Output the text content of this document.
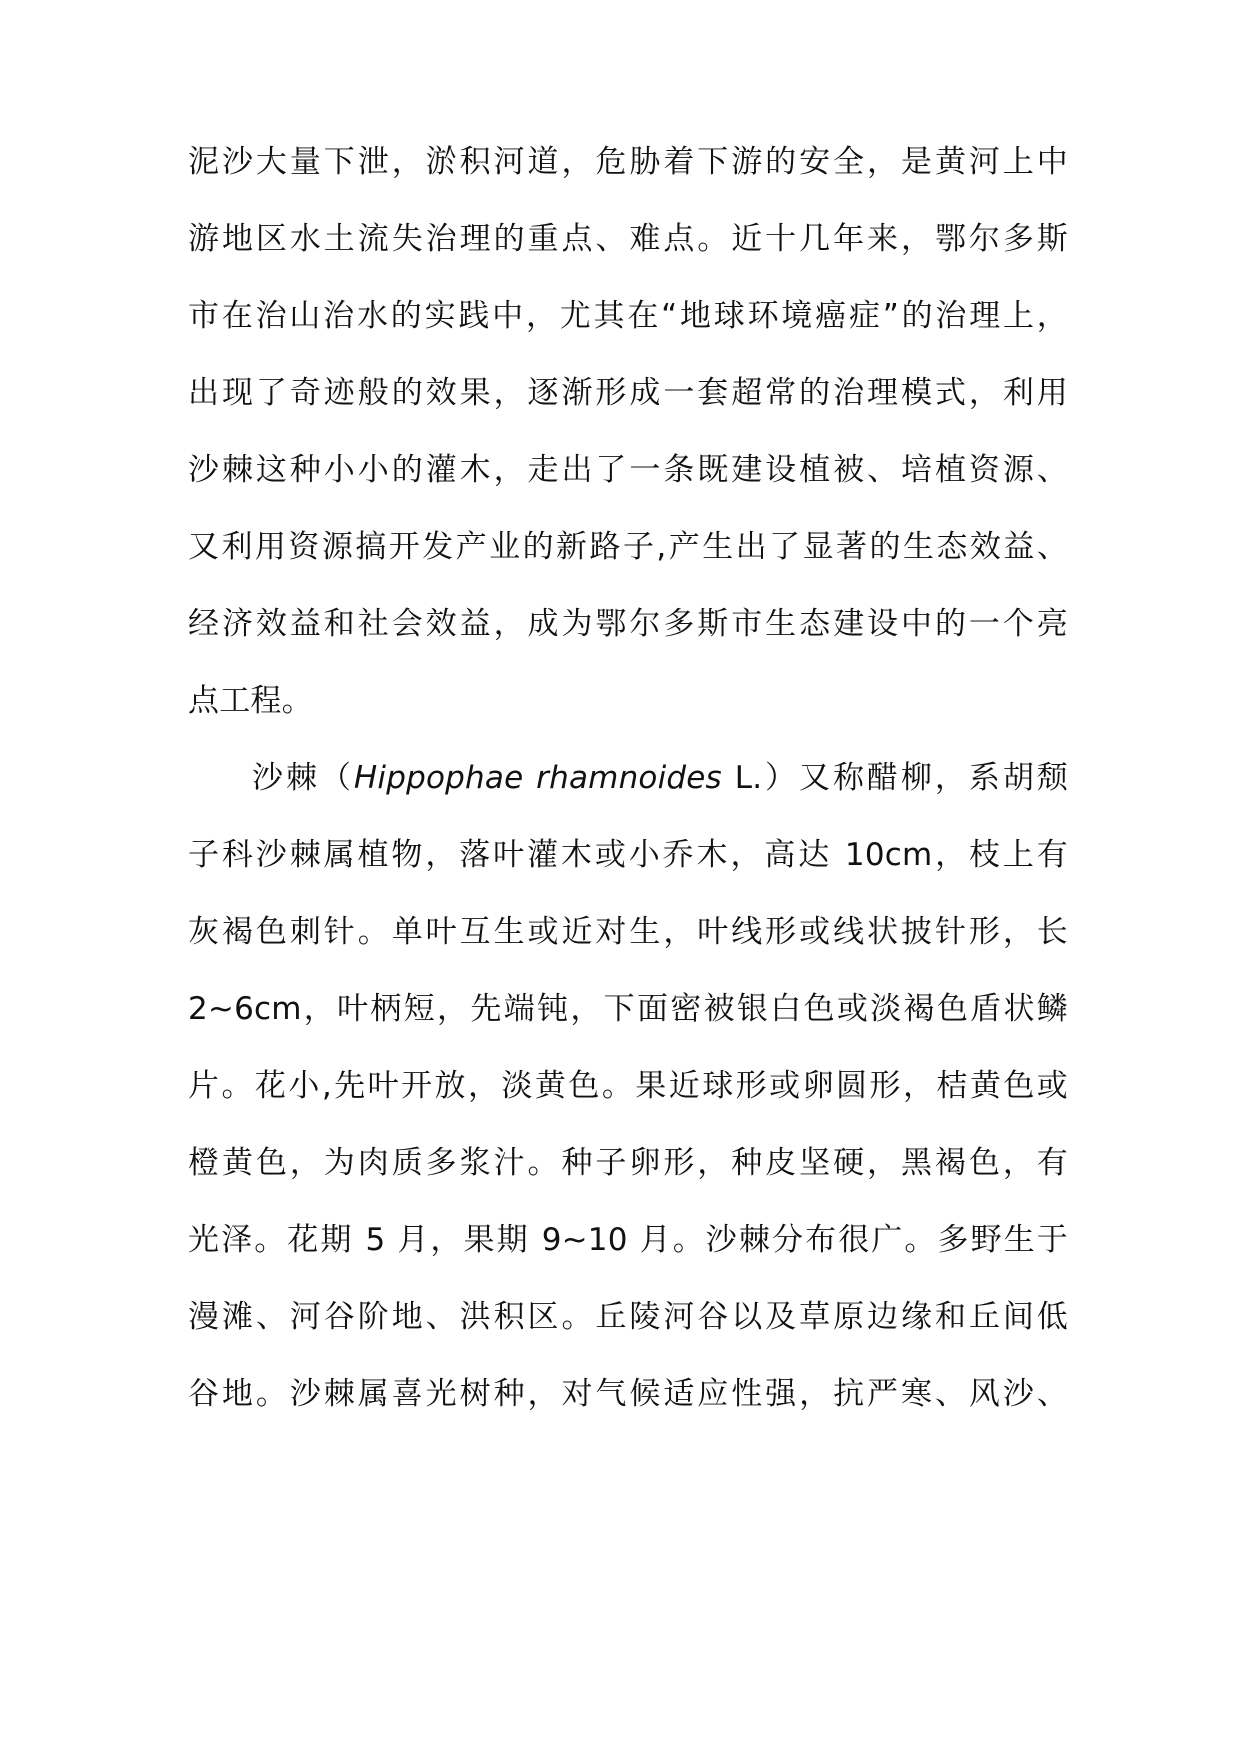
泥沙大量下泄，淤积河道，危胁着下游的安全，是黄河上中
游地区水土流失治理的重点、难点。近十几年来，鄂尔多斯
市在治山治水的实践中，尤其在“地球环境癌症”的治理上，
出现了奇迹般的效果，逐渐形成一套超常的治理模式，利用
沙棘这种小小的灌木，走出了一条既建设植被、培植资源、
又利用资源搞开发产业的新路子,产生出了显著的生态效益、
经济效益和社会效益，成为鄂尔多斯市生态建设中的一个亮
点工程。
沙棘（Hippophae rhamnoides L.）又称醋柳，系胡颓
子科沙棘属植物，落叶灌木或小乔木，高达 10cm，枝上有
灰褐色刺针。单叶互生或近对生，叶线形或线状披针形，长
2~6cm，叶柄短，先端钝，下面密被银白色或淡褐色盾状鳞
片。花小,先叶开放，淡黄色。果近球形或卵圆形，桔黄色或
橙黄色，为肉质多浆汁。种子卵形，种皮坚硬，黑褐色，有
光泽。花期 5 月，果期 9~10 月。沙棘分布很广。多野生于
漫滩、河谷阶地、洪积区。丘陵河谷以及草原边缘和丘间低
谷地。沙棘属喜光树种，对气候适应性强，抗严寒、风沙、
